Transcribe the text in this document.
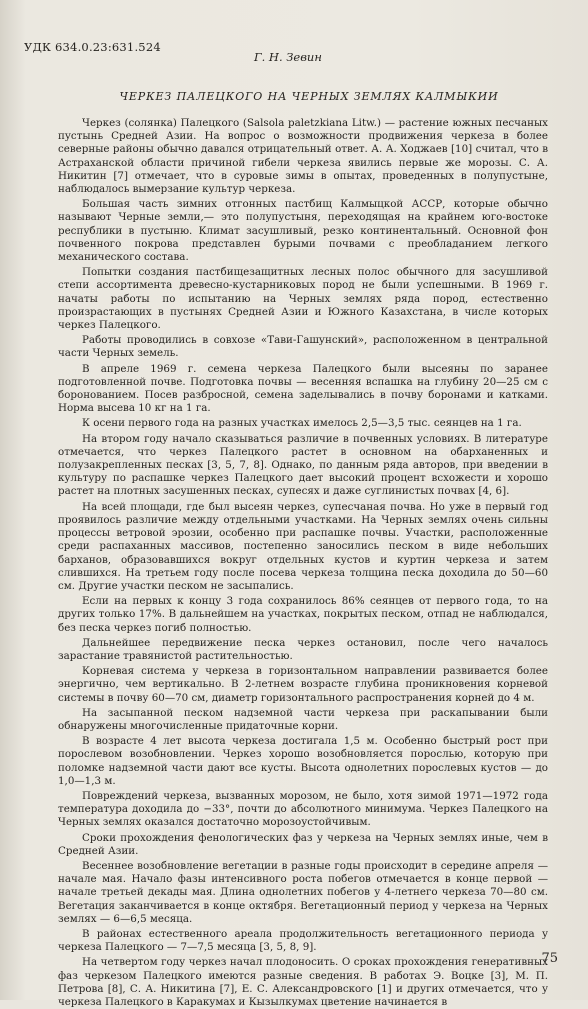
УДК 634.0.23:631.524
Г. Н. Зевин
ЧЕРКЕЗ ПАЛЕЦКОГО НА ЧЕРНЫХ ЗЕМЛЯХ КАЛМЫКИИ

Черкез (солянка) Палецкого (Salsola paletzkiana Litw.) — растение южных песчаных пустынь Средней Азии. На вопрос о возможности продвижения черкеза в более северные районы обычно давался отрицательный ответ. А. А. Ходжаев [10] считал, что в Астраханской области причиной гибели черкеза явились первые же морозы. С. А. Никитин [7] отмечает, что в суровые зимы в опытах, проведенных в полупустыне, наблюдалось вымерзание культур черкеза.

Большая часть зимних отгонных пастбищ Калмыцкой АССР, которые обычно называют Черные земли,— это полупустыня, переходящая на крайнем юго-востоке республики в пустыню. Климат засушливый, резко континентальный. Основной фон почвенного покрова представлен бурыми почвами с преобладанием легкого механического состава.

Попытки создания пастбищезащитных лесных полос обычного для засушливой степи ассортимента древесно-кустарниковых пород не были успешными. В 1969 г. начаты работы по испытанию на Черных землях ряда пород, естественно произрастающих в пустынях Средней Азии и Южного Казахстана, в числе которых черкез Палецкого.

Работы проводились в совхозе «Тави-Гашунский», расположенном в центральной части Черных земель.

В апреле 1969 г. семена черкеза Палецкого были высеяны по заранее подготовленной почве. Подготовка почвы — весенняя вспашка на глубину 20—25 см с боронованием. Посев разбросной, семена заделывались в почву боронами и катками. Норма высева 10 кг на 1 га.

К осени первого года на разных участках имелось 2,5—3,5 тыс. сеянцев на 1 га.

На втором году начало сказываться различие в почвенных условиях. В литературе отмечается, что черкез Палецкого растет в основном на обарханенных и полузакрепленных песках [3, 5, 7, 8]. Однако, по данным ряда авторов, при введении в культуру по распашке черкез Палецкого дает высокий процент всхожести и хорошо растет на плотных засушенных песках, супесях и даже суглинистых почвах [4, 6].

На всей площади, где был высеян черкез, супесчаная почва. Но уже в первый год проявилось различие между отдельными участками. На Черных землях очень сильны процессы ветровой эрозии, особенно при распашке почвы. Участки, расположенные среди распаханных массивов, постепенно заносились песком в виде небольших барханов, образовавшихся вокруг отдельных кустов и куртин черкеза и затем слившихся. На третьем году после посева черкеза толщина песка доходила до 50—60 см. Другие участки песком не засыпались.

Если на первых к концу 3 года сохранилось 86% сеянцев от первого года, то на других только 17%. В дальнейшем на участках, покрытых песком, отпад не наблюдался, без песка черкез погиб полностью.

Дальнейшее передвижение песка черкез остановил, после чего началось зарастание травянистой растительностью.

Корневая система у черкеза в горизонтальном направлении развивается более энергично, чем вертикально. В 2-летнем возрасте глубина проникновения корневой системы в почву 60—70 см, диаметр горизонтального распространения корней до 4 м.

На засыпанной песком надземной части черкеза при раскапывании были обнаружены многочисленные придаточные корни.

В возрасте 4 лет высота черкеза достигала 1,5 м. Особенно быстрый рост при порослевом возобновлении. Черкез хорошо возобновляется порослью, которую при поломке надземной части дают все кусты. Высота однолетних порослевых кустов — до 1,0—1,3 м.

Повреждений черкеза, вызванных морозом, не было, хотя зимой 1971—1972 года температура доходила до −33°, почти до абсолютного минимума. Черкез Палецкого на Черных землях оказался достаточно морозоустойчивым.

Сроки прохождения фенологических фаз у черкеза на Черных землях иные, чем в Средней Азии.

Весеннее возобновление вегетации в разные годы происходит в середине апреля — начале мая. Начало фазы интенсивного роста побегов отмечается в конце первой — начале третьей декады мая. Длина однолетних побегов у 4-летнего черкеза 70—80 см. Вегетация заканчивается в конце октября. Вегетационный период у черкеза на Черных землях — 6—6,5 месяца.

В районах естественного ареала продолжительность вегетационного периода у черкеза Палецкого — 7—7,5 месяца [3, 5, 8, 9].

На четвертом году черкез начал плодоносить. О сроках прохождения генеративных фаз черкезом Палецкого имеются разные сведения. В работах Э. Воцке [3], М. П. Петрова [8], С. А. Никитина [7], Е. С. Александровского [1] и других отмечается, что у черкеза Палецкого в Каракумах и Кызылкумах цветение начинается в

75
